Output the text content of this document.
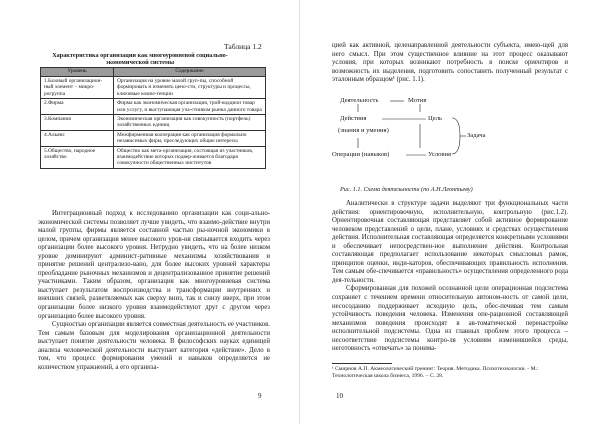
Таблица 1.2
Характеристика организации как многоуровневой социально-экономической системы
Уровень	Содержание
1.Базовый организацион-ный элемент – микро-рогруппа	Организация на уровне малой груп-пы, способной формировать и изменять цено-сти, структуры и процессы, ключевые компе-тенции
2.Фирма	Фирма как экономическая организация, трой-кодцион товар или услугу, и выступающая уча-стником рынка данного товара
3.Компания	Экономическая организация как совокупность (портфель) хозяйственных единиц
4.Альянс	Межфирменная кооперация как организация формально независимых фирм, преследующих общие интересы
5.Общество, народное хозяйство	Общество как мета-организация, состоящая из участников, взаимодействие которых подвер-живается благодаря совокупности общественных институтов

Интеграционный подход к исследованию организации как соци-ально-экономической системы позволяет лучше увидеть, что взаимо-действие внутри малой группы, фирмы является составной частью ры-ночной экономики в целом, причем организация менее высокого уров-ня связывается входить через организации более высокого уровня. Нетрудно увидеть, что на более низком уровне доминируют админист-ративные механизмы хозяйствования и принятие решений централизо-вано, для более высоких уровней характеры преобладание рыночных механизмов и децентрализованное принятие решений участниками. Таким образом, организация как многоуровневая система выступает результатом воспроизводства и трансформации внутренних и внешних связей, разветвляемых как сверху вниз, так и снизу вверх, при этом организации более низкого уровня взаимодействуют друг с другом через организацию более высокого уровня.

Сущностью организации является совместная деятельность ее участников. Тем самым базовым для моделирования организационной деятельности выступает понятие деятельности человека. В философских науках единицей анализа человеческой деятельности выступает категория «действие». Дело в том, что процесс формирования умений и навыков определяется не количеством упражнений, а его организа-

9

цией как активной, целенаправленной деятельности субъекта, имею-щей для него смысл. При этом существенное влияние на этот процесс оказывают условия, при которых возникают потребность в поиске ориентиров и возможность их выделения, подготовить сопоставить полученный результат с эталонным образцом¹ (рис. 1.1).

Деятельность	Мотив
Действия	Цель
(знания и умения)
Задача
Операции (навыков)	Условия
Рис. 1.1. Схема деятельности (по А.Н.Леонтьеву)

Аналитически в структуре задачи выделяют три функциональных части действия: ориентировочную, исполнительную, контрольную (рис.1.2). Ориентировочная составляющая представляет собой активное формирование человеком представлений о цели, плане, условиях и средствах осуществления действия. Исполнительная составляющая определяется конкретными условиями и обеспечивает непосредствен-ное выполнение действия. Контрольная составляющая предполагает использование некоторых смысловых рамок, принципов оценки, инди-каторов, обеспечивающих правильность исполнения. Тем самым обе-спечивается «правильность» осуществления определенного рода дея-тельности.

Сформированная для похожей осознанной цели операционная подсистема сохраняет с течением времени относительную автоном-ность от самой цели, несосоданию поддерживает исходную цель, обес-печивая тем самым устойчивость поведения человека. Изменения опе-рационной составляющей механизмов поведения происходят в ав-томатической перенастройке исполнительной подсистемы. Одна из главных проблем этого процесса – несоответствие подсистемы контро-ля условиям изменившейся среды, неготовность «отвечать» за понима-

¹ Смирнов А.П. Акмеологический тренинг: Теория. Методика. Психотехнологии. - М.: Технологическая школа бизнеса, 1996. – С. 28.
10
